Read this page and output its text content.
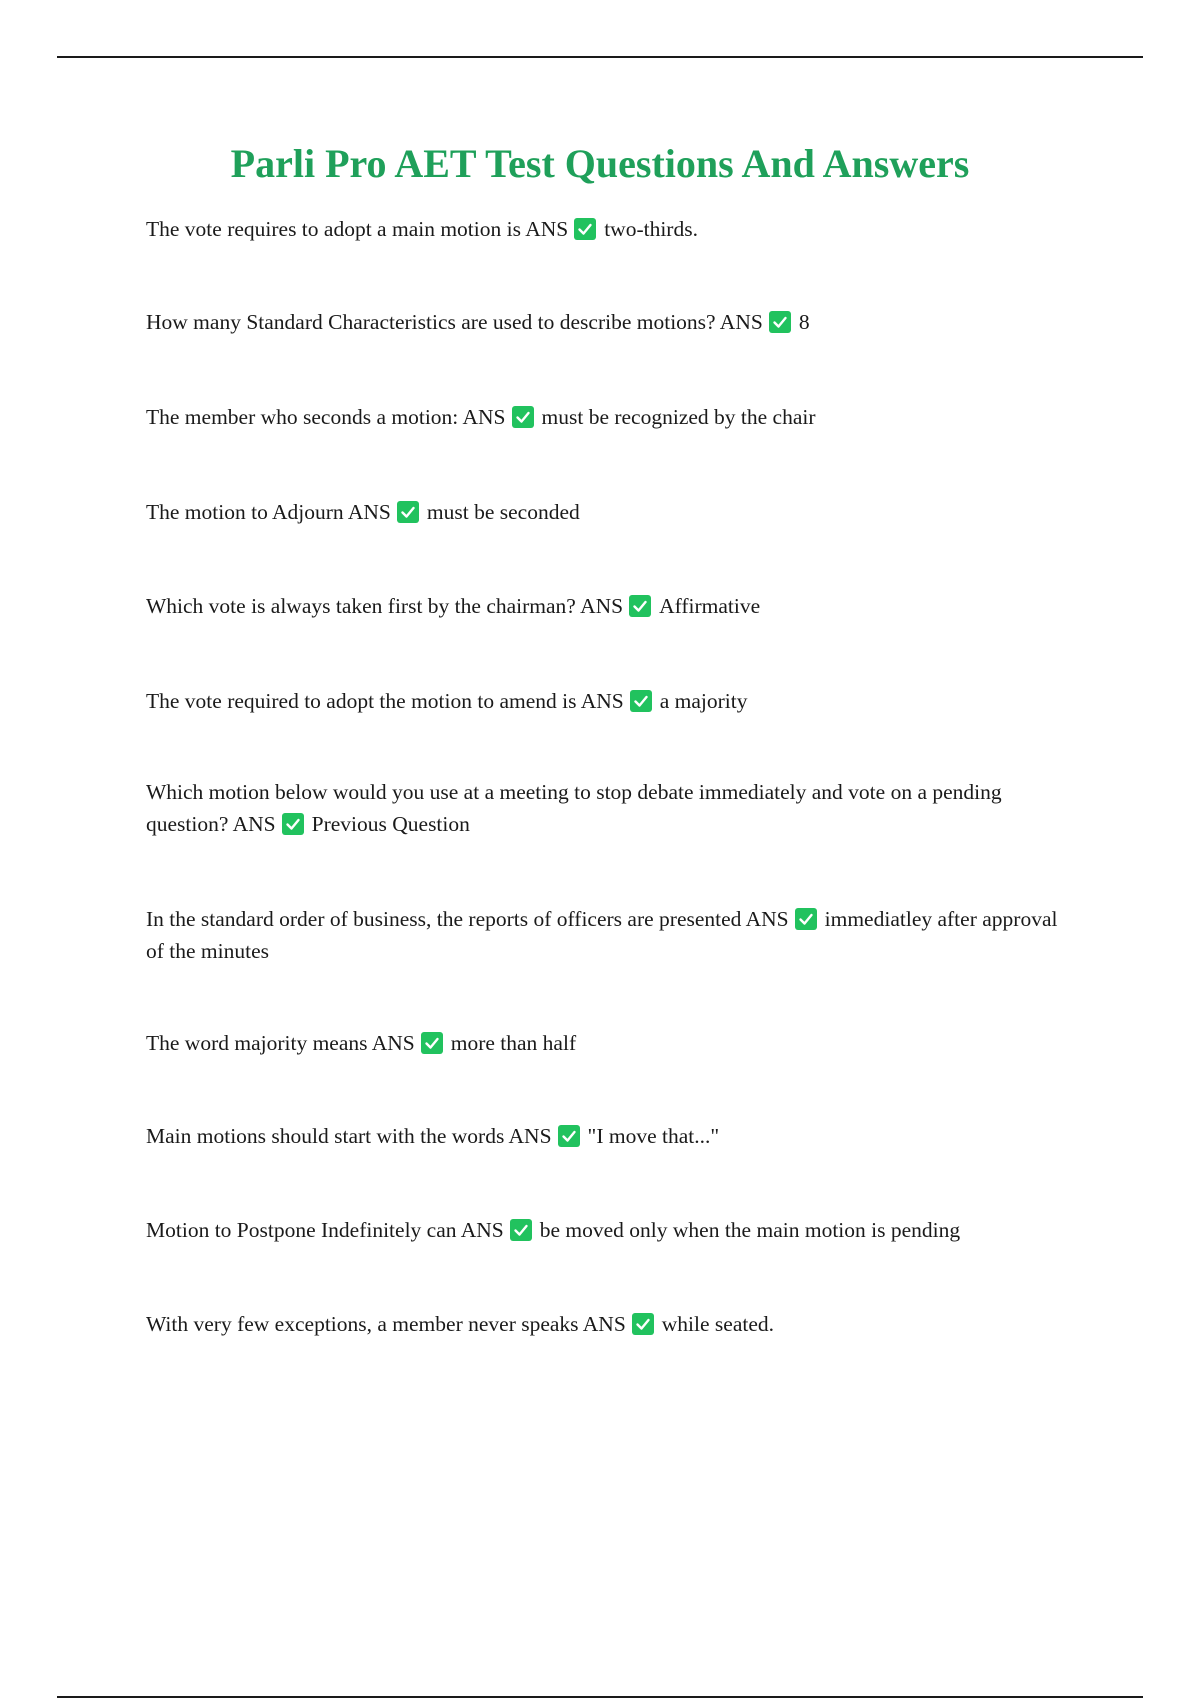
Parli Pro AET Test Questions And Answers

The vote requires to adopt a main motion is ANS two-thirds.

How many Standard Characteristics are used to describe motions? ANS 8

The member who seconds a motion: ANS must be recognized by the chair

The motion to Adjourn ANS must be seconded

Which vote is always taken first by the chairman? ANS Affirmative

The vote required to adopt the motion to amend is ANS a majority

Which motion below would you use at a meeting to stop debate immediately and vote on a pending question? ANS Previous Question

In the standard order of business, the reports of officers are presented ANS immediatley after approval of the minutes

The word majority means ANS more than half

Main motions should start with the words ANS "I move that..."

Motion to Postpone Indefinitely can ANS be moved only when the main motion is pending

With very few exceptions, a member never speaks ANS while seated.
